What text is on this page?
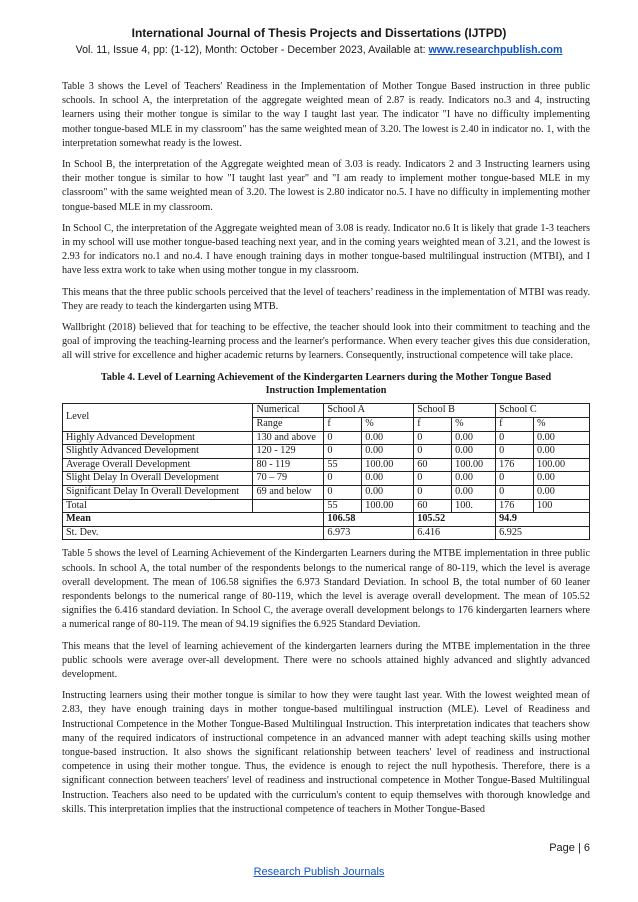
International Journal of Thesis Projects and Dissertations (IJTPD)
Vol. 11, Issue 4, pp: (1-12), Month: October - December 2023, Available at: www.researchpublish.com

Table 3 shows the Level of Teachers' Readiness in the Implementation of Mother Tongue Based instruction in three public schools. In school A, the interpretation of the aggregate weighted mean of 2.87 is ready. Indicators no.3 and 4, instructing learners using their mother tongue is similar to the way I taught last year. The indicator "I have no difficulty implementing mother tongue-based MLE in my classroom" has the same weighted mean of 3.20. The lowest is 2.40 in indicator no. 1, with the interpretation somewhat ready is the lowest.

In School B, the interpretation of the Aggregate weighted mean of 3.03 is ready. Indicators 2 and 3 Instructing learners using their mother tongue is similar to how "I taught last year" and "I am ready to implement mother tongue-based MLE in my classroom" with the same weighted mean of 3.20. The lowest is 2.80 indicator no.5. I have no difficulty in implementing mother tongue-based MLE in my classroom.

In School C, the interpretation of the Aggregate weighted mean of 3.08 is ready. Indicator no.6 It is likely that grade 1-3 teachers in my school will use mother tongue-based teaching next year, and in the coming years weighted mean of 3.21, and the lowest is 2.93 for indicators no.1 and no.4. I have enough training days in mother tongue-based multilingual instruction (MTBI), and I have less extra work to take when using mother tongue in my classroom.

This means that the three public schools perceived that the level of teachers’ readiness in the implementation of MTBI was ready. They are ready to teach the kindergarten using MTB.

Wallbright (2018) believed that for teaching to be effective, the teacher should look into their commitment to teaching and the goal of improving the teaching-learning process and the learner's performance. When every teacher gives this due consideration, all will strive for excellence and higher academic returns by learners. Consequently, instructional competence will take place.

Table 4. Level of Learning Achievement of the Kindergarten Learners during the Mother Tongue Based
Instruction Implementation
Level	Numerical	School A		School B		School C	
	Range	f	%	f	%	f	%
Highly Advanced Development	130 and above	0	0.00	0	0.00	0	0.00
Slightly Advanced Development	120 - 129	0	0.00	0	0.00	0	0.00
Average Overall Development	80 - 119	55	100.00	60	100.00	176	100.00
Slight Delay In Overall Development	70 – 79	0	0.00	0	0.00	0	0.00
Significant Delay In Overall Development	69 and below	0	0.00	0	0.00	0	0.00
Total		55	100.00	60	100.	176	100
Mean		106.58		105.52		94.9	
St. Dev.		6.973		6.416		6.925	

Table 5 shows the level of Learning Achievement of the Kindergarten Learners during the MTBE implementation in three public schools. In school A, the total number of the respondents belongs to the numerical range of 80-119, which the level is average overall development. The mean of 106.58 signifies the 6.973 Standard Deviation. In school B, the total number of 60 leaner respondents belongs to the numerical range of 80-119, which the level is average overall development. The mean of 105.52 signifies the 6.416 standard deviation. In School C, the average overall development belongs to 176 kindergarten learners where a numerical range of 80-119. The mean of 94.19 signifies the 6.925 Standard Deviation.

This means that the level of learning achievement of the kindergarten learners during the MTBE implementation in the three public schools were average over-all development. There were no schools attained highly advanced and slightly advanced development.

Instructing learners using their mother tongue is similar to how they were taught last year. With the lowest weighted mean of 2.83, they have enough training days in mother tongue-based multilingual instruction (MLE). Level of Readiness and Instructional Competence in the Mother Tongue-Based Multilingual Instruction. This interpretation indicates that teachers show many of the required indicators of instructional competence in an advanced manner with adept teaching skills using mother tongue-based instruction. It also shows the significant relationship between teachers' level of readiness and instructional competence in using their mother tongue. Thus, the evidence is enough to reject the null hypothesis. Therefore, there is a significant connection between teachers' level of readiness and instructional competence in Mother Tongue-Based Multilingual Instruction. Teachers also need to be updated with the curriculum's content to equip themselves with thorough knowledge and skills. This interpretation implies that the instructional competence of teachers in Mother Tongue-Based

Page | 6
Research Publish Journals
